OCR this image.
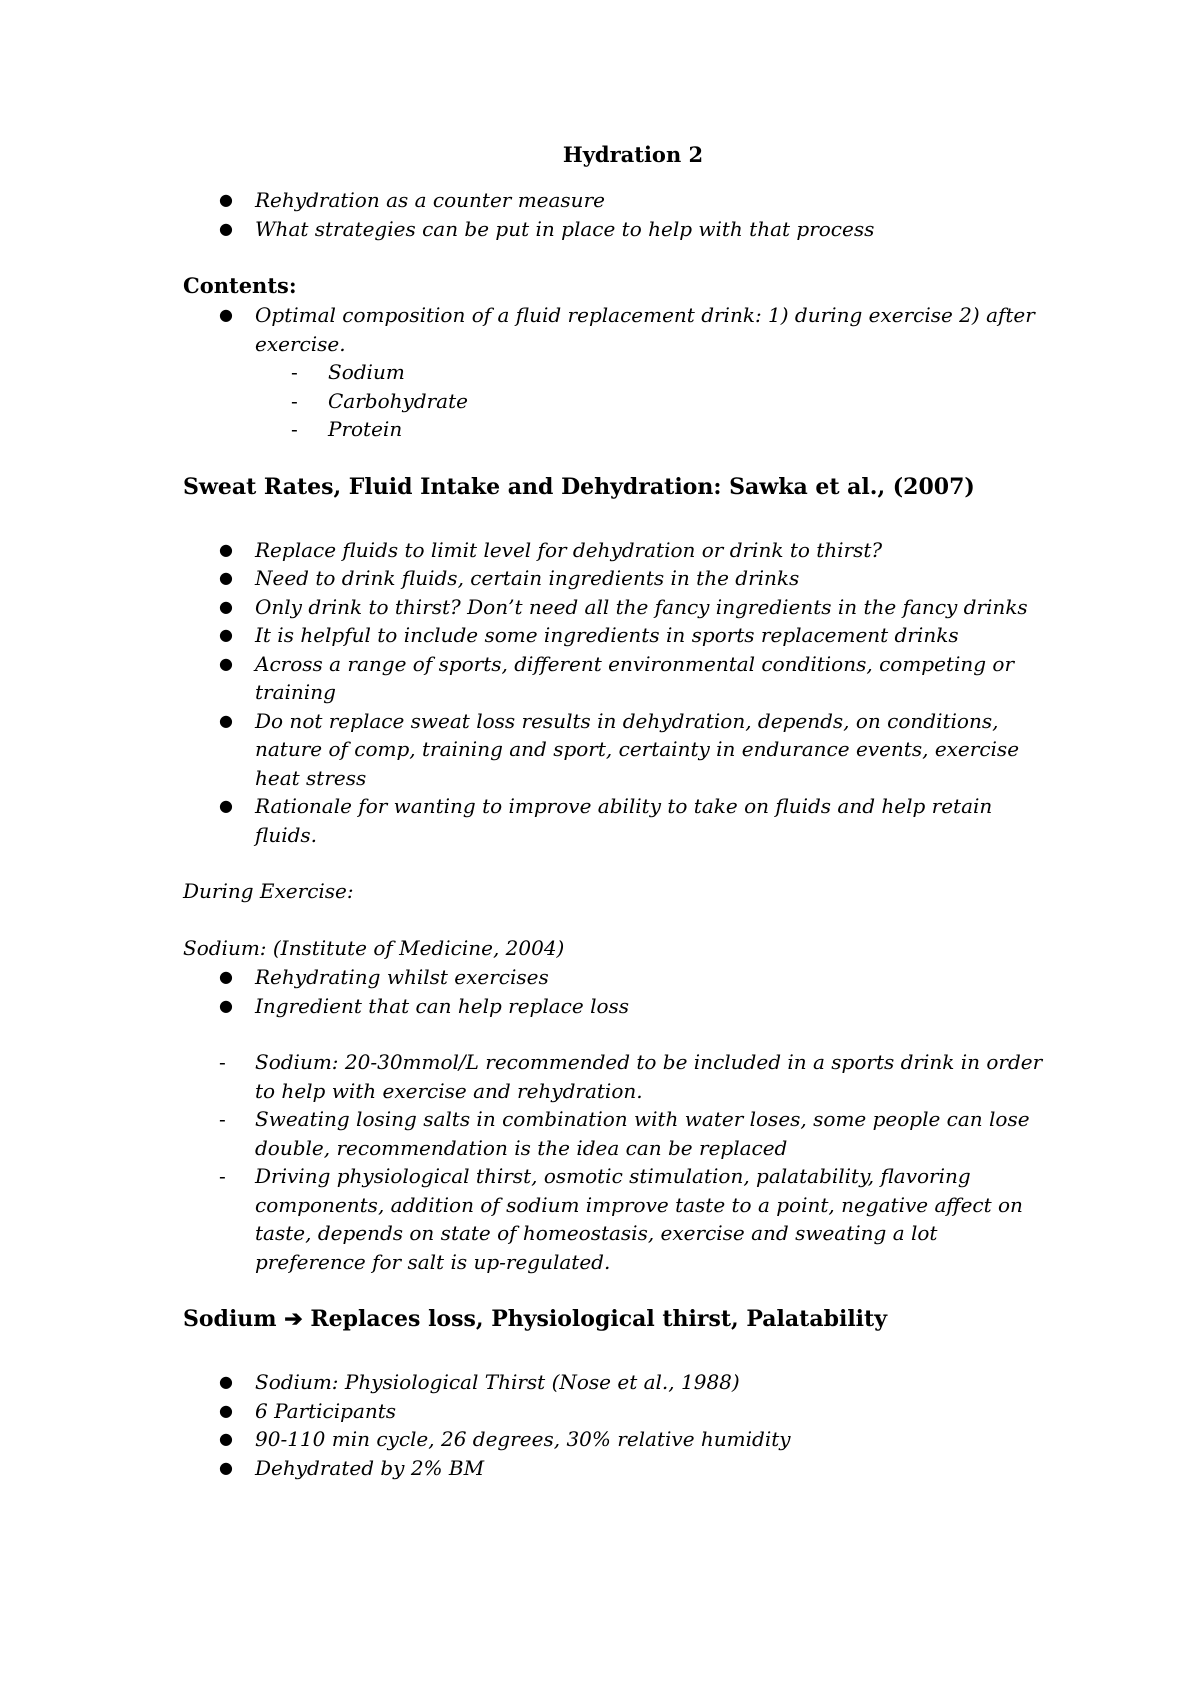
Hydration 2
● Rehydration as a counter measure
● What strategies can be put in place to help with that process
Contents:
● Optimal composition of a fluid replacement drink: 1) during exercise 2) after exercise.
- Sodium
- Carbohydrate
- Protein
Sweat Rates, Fluid Intake and Dehydration: Sawka et al., (2007)
● Replace fluids to limit level for dehydration or drink to thirst?
● Need to drink fluids, certain ingredients in the drinks
● Only drink to thirst? Don’t need all the fancy ingredients in the fancy drinks
● It is helpful to include some ingredients in sports replacement drinks
● Across a range of sports, different environmental conditions, competing or training
● Do not replace sweat loss results in dehydration, depends, on conditions, nature of comp, training and sport, certainty in endurance events, exercise heat stress
● Rationale for wanting to improve ability to take on fluids and help retain fluids.
During Exercise:
Sodium: (Institute of Medicine, 2004)
● Rehydrating whilst exercises
● Ingredient that can help replace loss
- Sodium: 20-30mmol/L recommended to be included in a sports drink in order to help with exercise and rehydration.
- Sweating losing salts in combination with water loses, some people can lose double, recommendation is the idea can be replaced
- Driving physiological thirst, osmotic stimulation, palatability, flavoring components, addition of sodium improve taste to a point, negative affect on taste, depends on state of homeostasis, exercise and sweating a lot preference for salt is up-regulated.
Sodium ➔ Replaces loss, Physiological thirst, Palatability
● Sodium: Physiological Thirst (Nose et al., 1988)
● 6 Participants
● 90-110 min cycle, 26 degrees, 30% relative humidity
● Dehydrated by 2% BM
